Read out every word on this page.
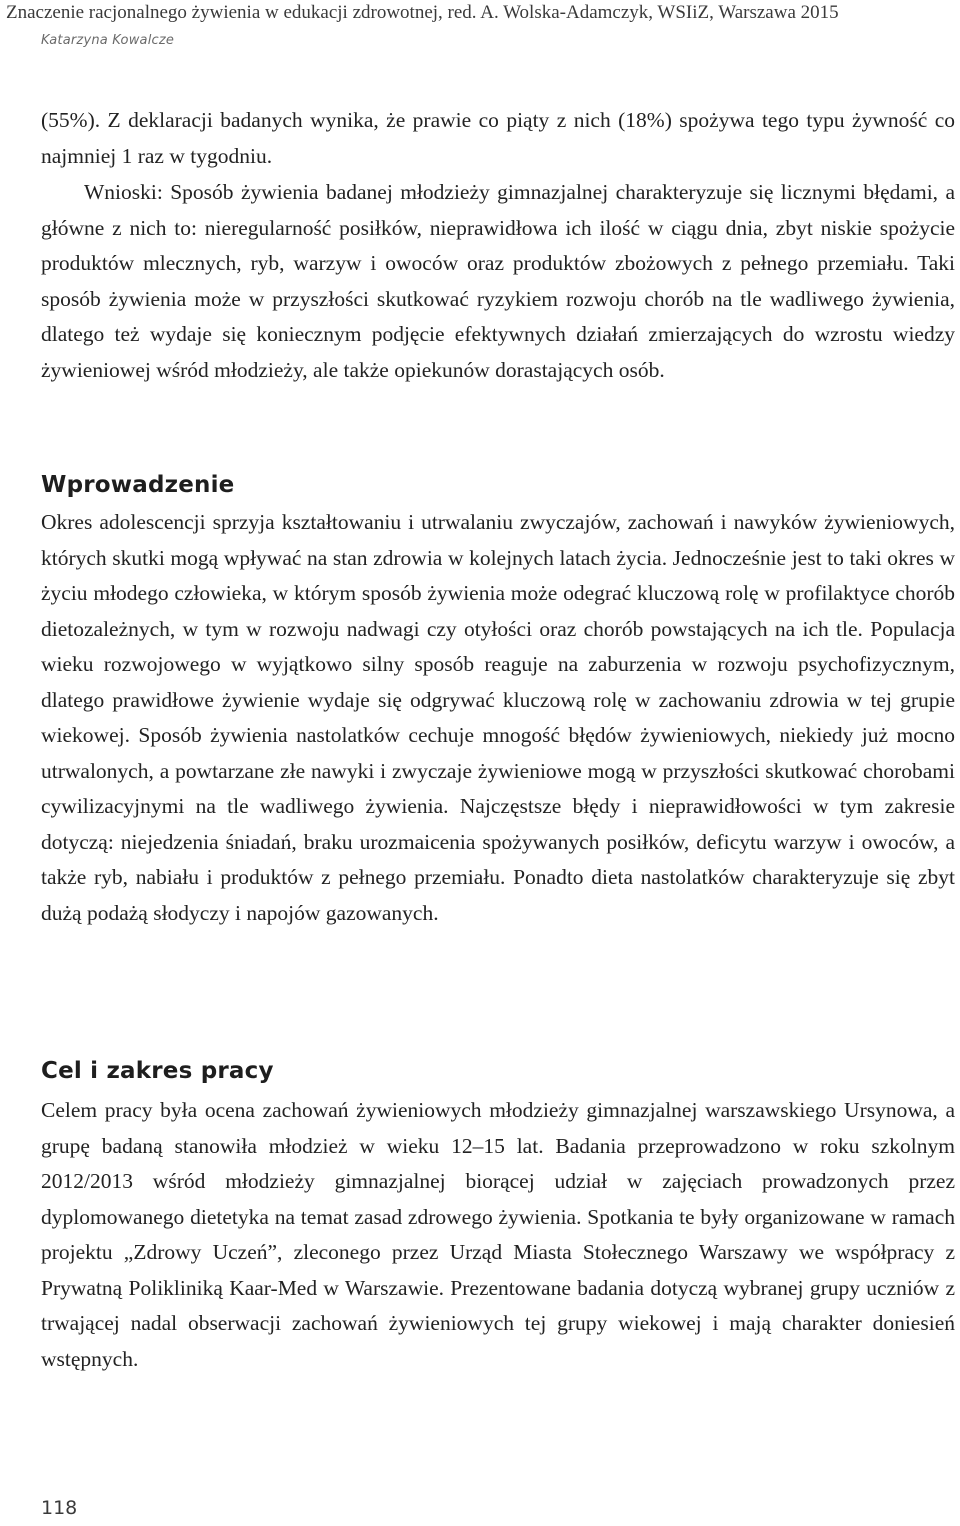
Znaczenie racjonalnego żywienia w edukacji zdrowotnej, red. A. Wolska-Adamczyk, WSIiZ, Warszawa 2015
Katarzyna Kowalcze

(55%). Z deklaracji badanych wynika, że prawie co piąty z nich (18%) spożywa tego typu żywność co najmniej 1 raz w tygodniu.

Wnioski: Sposób żywienia badanej młodzieży gimnazjalnej charakteryzuje się licznymi błędami, a główne z nich to: nieregularność posiłków, nieprawidłowa ich ilość w ciągu dnia, zbyt niskie spożycie produktów mlecznych, ryb, warzyw i owoców oraz produktów zbożowych z pełnego przemiału. Taki sposób żywienia może w przyszłości skutkować ryzykiem rozwoju chorób na tle wadliwego żywienia, dlatego też wydaje się koniecznym podjęcie efektywnych działań zmierzających do wzrostu wiedzy żywieniowej wśród młodzieży, ale także opiekunów dorastających osób.

Wprowadzenie

Okres adolescencji sprzyja kształtowaniu i utrwalaniu zwyczajów, zachowań i nawyków żywieniowych, których skutki mogą wpływać na stan zdrowia w kolejnych latach życia. Jednocześnie jest to taki okres w życiu młodego człowieka, w którym sposób żywienia może odegrać kluczową rolę w profilaktyce chorób dietozależnych, w tym w rozwoju nadwagi czy otyłości oraz chorób powstających na ich tle. Populacja wieku rozwojowego w wyjątkowo silny sposób reaguje na zaburzenia w rozwoju psychofizycznym, dlatego prawidłowe żywienie wydaje się odgrywać kluczową rolę w zachowaniu zdrowia w tej grupie wiekowej. Sposób żywienia nastolatków cechuje mnogość błędów żywieniowych, niekiedy już mocno utrwalonych, a powtarzane złe nawyki i zwyczaje żywieniowe mogą w przyszłości skutkować chorobami cywilizacyjnymi na tle wadliwego żywienia. Najczęstsze błędy i nieprawidłowości w tym zakresie dotyczą: niejedzenia śniadań, braku urozmaicenia spożywanych posiłków, deficytu warzyw i owoców, a także ryb, nabiału i produktów z pełnego przemiału. Ponadto dieta nastolatków charakteryzuje się zbyt dużą podażą słodyczy i napojów gazowanych.

Cel i zakres pracy

Celem pracy była ocena zachowań żywieniowych młodzieży gimnazjalnej warszawskiego Ursynowa, a grupę badaną stanowiła młodzież w wieku 12–15 lat. Badania przeprowadzono w roku szkolnym 2012/2013 wśród młodzieży gimnazjalnej biorącej udział w zajęciach prowadzonych przez dyplomowanego dietetyka na temat zasad zdrowego żywienia. Spotkania te były organizowane w ramach projektu „Zdrowy Uczeń”, zleconego przez Urząd Miasta Stołecznego Warszawy we współpracy z Prywatną Polikliniką Kaar-Med w Warszawie. Prezentowane badania dotyczą wybranej grupy uczniów z trwającej nadal obserwacji zachowań żywieniowych tej grupy wiekowej i mają charakter doniesień wstępnych.

118
